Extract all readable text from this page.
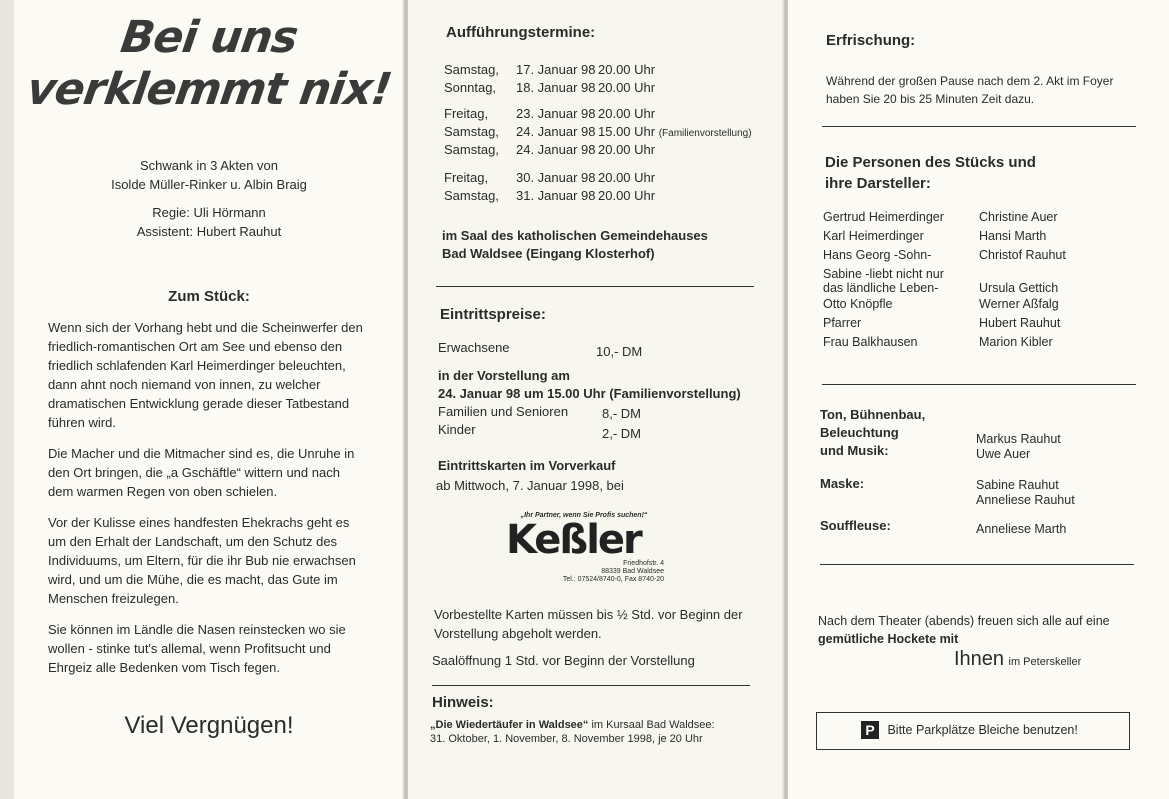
Bei uns
verklemmt nix!
Schwank in 3 Akten von
Isolde Müller-Rinker u. Albin Braig
Regie: Uli Hörmann
Assistent: Hubert Rauhut
Zum Stück:

Wenn sich der Vorhang hebt und die Scheinwerfer den friedlich-romantischen Ort am See und ebenso den friedlich schlafenden Karl Heimerdinger beleuchten, dann ahnt noch niemand von innen, zu welcher dramatischen Entwicklung gerade dieser Tatbestand führen wird.

Die Macher und die Mitmacher sind es, die Unruhe in den Ort bringen, die „a Gschäftle“ wittern und nach dem warmen Regen von oben schielen.

Vor der Kulisse eines handfesten Ehekrachs geht es um den Erhalt der Landschaft, um den Schutz des Individuums, um Eltern, für die ihr Bub nie erwachsen wird, und um die Mühe, die es macht, das Gute im Menschen freizulegen.

Sie können im Ländle die Nasen reinstecken wo sie wollen - stinke tut's allemal, wenn Profitsucht und Ehrgeiz alle Bedenken vom Tisch fegen.

Viel Vergnügen!
Aufführungstermine:
Samstag,	17. Januar 98	20.00 Uhr
Sonntag,	18. Januar 98	20.00 Uhr
Freitag,	23. Januar 98	20.00 Uhr
Samstag,	24. Januar 98	15.00 Uhr (Familienvorstellung)
Samstag,	24. Januar 98	20.00 Uhr
Freitag,	30. Januar 98	20.00 Uhr
Samstag,	31. Januar 98	20.00 Uhr
im Saal des katholischen Gemeindehauses
Bad Waldsee (Eingang Klosterhof)
Eintrittspreise:
Erwachsene	10,- DM
in der Vorstellung am
24. Januar 98 um 15.00 Uhr (Familienvorstellung)
Familien und Senioren	8,- DM
Kinder	2,- DM
Eintrittskarten im Vorverkauf
ab Mittwoch, 7. Januar 1998, bei
„Ihr Partner, wenn Sie Profis suchen!“
Keßler
Friedhofstr. 4
88339 Bad Waldsee
Tel.: 07524/8740-0, Fax 8740-20
Vorbestellte Karten müssen bis ½ Std. vor Beginn der Vorstellung abgeholt werden.
Saalöffnung 1 Std. vor Beginn der Vorstellung
Hinweis:
„Die Wiedertäufer in Waldsee“ im Kursaal Bad Waldsee:
31. Oktober, 1. November, 8. November 1998, je 20 Uhr
Erfrischung:
Während der großen Pause nach dem 2. Akt im Foyer
haben Sie 20 bis 25 Minuten Zeit dazu.
Die Personen des Stücks und
ihre Darsteller:
Gertrud Heimerdinger	Christine Auer
Karl Heimerdinger	Hansi Marth
Hans Georg -Sohn-	Christof Rauhut
Sabine -liebt nicht nur das ländliche Leben-	Ursula Gettich
Otto Knöpfle	Werner Aßfalg
Pfarrer	Hubert Rauhut
Frau Balkhausen	Marion Kibler
Ton, Bühnenbau,
Beleuchtung
und Musik:
Markus Rauhut
Uwe Auer
Maske:	Sabine Rauhut
Anneliese Rauhut
Souffleuse:	Anneliese Marth
Nach dem Theater (abends) freuen sich alle auf eine
gemütliche Hockete mit
Ihnen im Peterskeller
P Bitte Parkplätze Bleiche benutzen!
